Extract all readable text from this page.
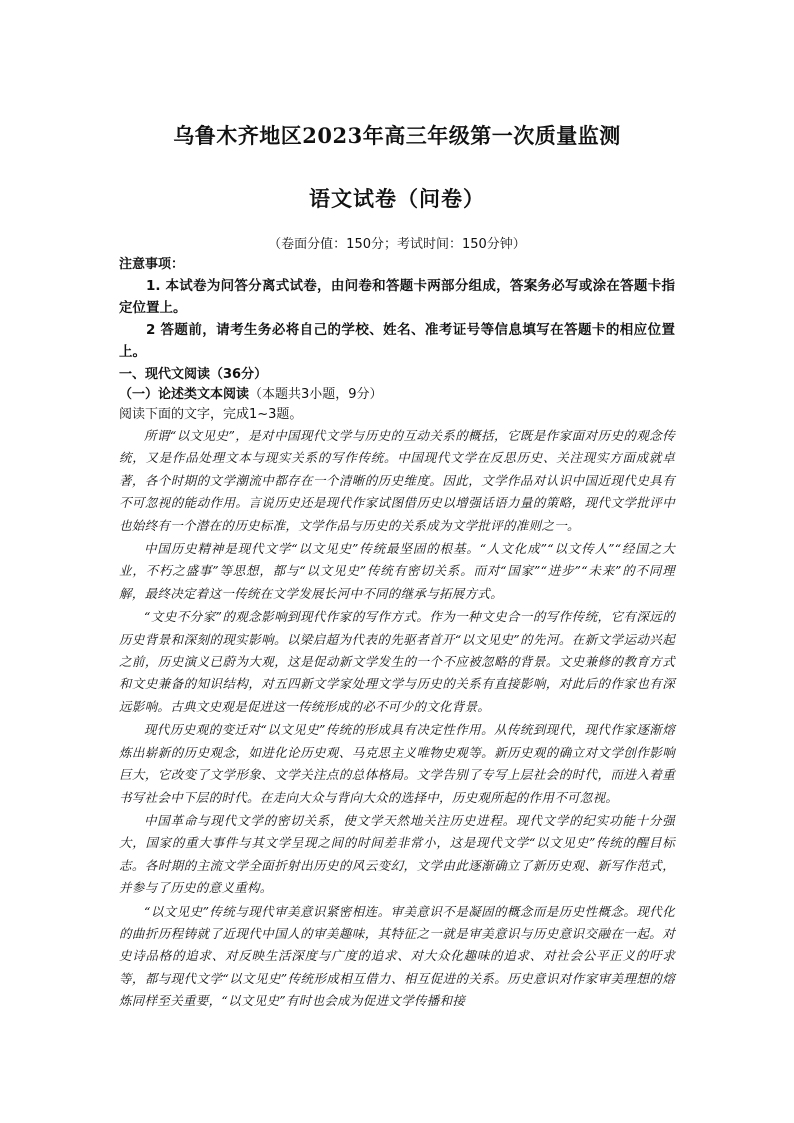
乌鲁木齐地区2023年高三年级第一次质量监测
语文试卷（问卷）
（卷面分值：150分；考试时间：150分钟）
注意事项：
1. 本试卷为问答分离式试卷，由问卷和答题卡两部分组成，答案务必写或涂在答题卡指定位置上。
2 答题前，请考生务必将自己的学校、姓名、准考证号等信息填写在答题卡的相应位置上。
一、现代文阅读（36分）
（一）论述类文本阅读（本题共3小题，9分）
阅读下面的文字，完成1~3题。

所谓“以文见史”，是对中国现代文学与历史的互动关系的概括，它既是作家面对历史的观念传统，又是作品处理文本与现实关系的写作传统。中国现代文学在反思历史、关注现实方面成就卓著，各个时期的文学潮流中都存在一个清晰的历史维度。因此，文学作品对认识中国近现代史具有不可忽视的能动作用。言说历史还是现代作家试图借历史以增强话语力量的策略，现代文学批评中也始终有一个潜在的历史标准，文学作品与历史的关系成为文学批评的准则之一。

中国历史精神是现代文学“以文见史”传统最坚固的根基。“人文化成”“以文传人”“经国之大业，不朽之盛事”等思想，都与“以文见史”传统有密切关系。而对“国家”“进步”“未来”的不同理解，最终决定着这一传统在文学发展长河中不同的继承与拓展方式。

“文史不分家”的观念影响到现代作家的写作方式。作为一种文史合一的写作传统，它有深远的历史背景和深刻的现实影响。以梁启超为代表的先驱者首开“以文见史”的先河。在新文学运动兴起之前，历史演义已蔚为大观，这是促动新文学发生的一个不应被忽略的背景。文史兼修的教育方式和文史兼备的知识结构，对五四新文学家处理文学与历史的关系有直接影响，对此后的作家也有深远影响。古典文史观是促进这一传统形成的必不可少的文化背景。

现代历史观的变迁对“以文见史”传统的形成具有决定性作用。从传统到现代，现代作家逐渐熔炼出崭新的历史观念，如进化论历史观、马克思主义唯物史观等。新历史观的确立对文学创作影响巨大，它改变了文学形象、文学关注点的总体格局。文学告别了专写上层社会的时代，而进入着重书写社会中下层的时代。在走向大众与背向大众的选择中，历史观所起的作用不可忽视。

中国革命与现代文学的密切关系，使文学天然地关注历史进程。现代文学的纪实功能十分强大，国家的重大事件与其文学呈现之间的时间差非常小，这是现代文学“以文见史”传统的醒目标志。各时期的主流文学全面折射出历史的风云变幻，文学由此逐渐确立了新历史观、新写作范式，并参与了历史的意义重构。

“以文见史”传统与现代审美意识紧密相连。审美意识不是凝固的概念而是历史性概念。现代化的曲折历程铸就了近现代中国人的审美趣味，其特征之一就是审美意识与历史意识交融在一起。对史诗品格的追求、对反映生活深度与广度的追求、对大众化趣味的追求、对社会公平正义的吁求等，都与现代文学“以文见史”传统形成相互借力、相互促进的关系。历史意识对作家审美理想的熔炼同样至关重要，“以文见史”有时也会成为促进文学传播和接
